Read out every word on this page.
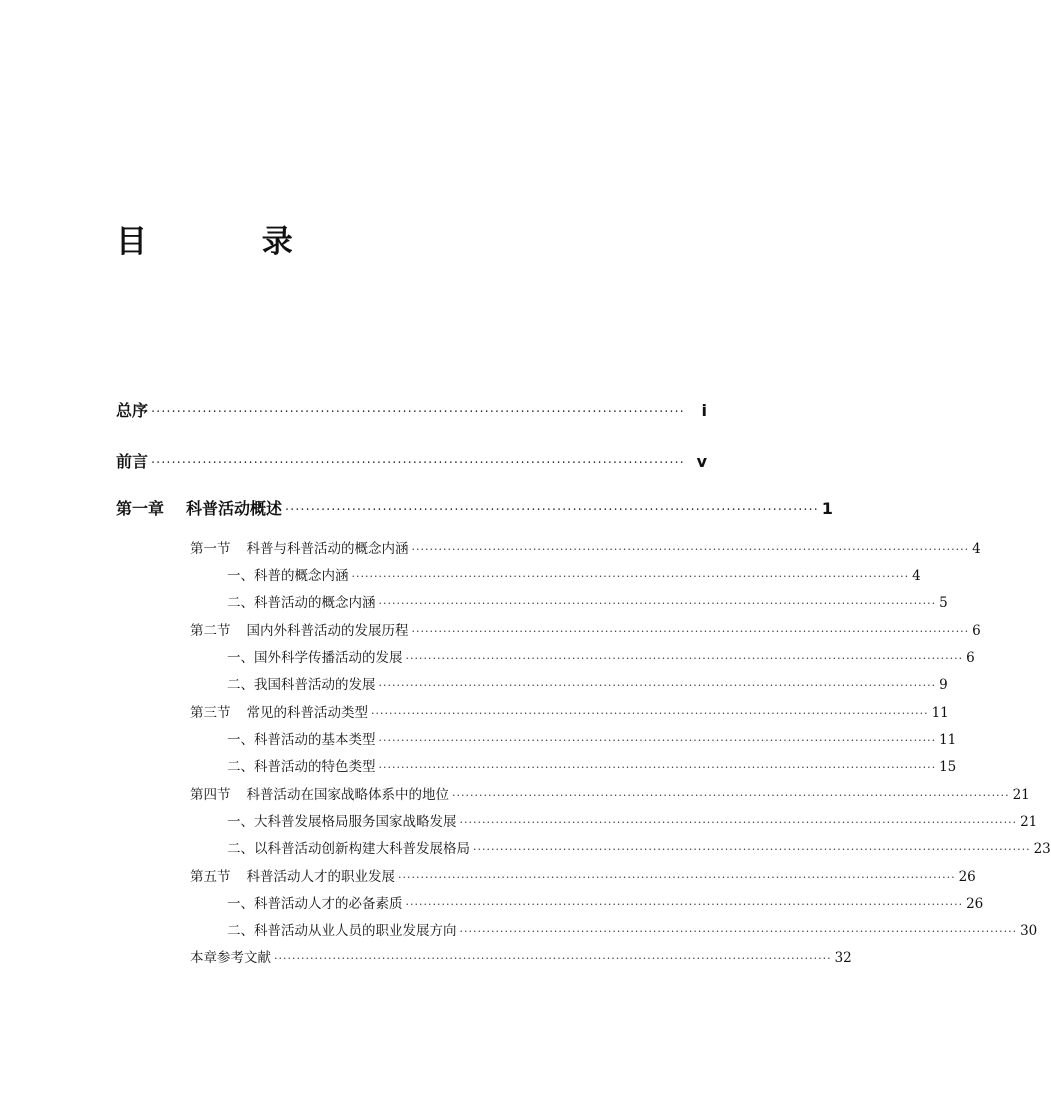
目 录
总序 ········································································································	i
前言 ········································································································ v
第一章	科普活动概述 ········································································································ 1
第一节	科普与科普活动的概念内涵 ···························································································································· 4
一、科普的概念内涵 ···························································································································· 4
二、科普活动的概念内涵 ···························································································································· 5
第二节	国内外科普活动的发展历程 ···························································································································· 6
一、国外科学传播活动的发展 ···························································································································· 6
二、我国科普活动的发展 ···························································································································· 9
第三节	常见的科普活动类型 ···························································································································· 11
一、科普活动的基本类型 ···························································································································· 11
二、科普活动的特色类型 ···························································································································· 15
第四节	科普活动在国家战略体系中的地位 ···························································································································· 21
一、大科普发展格局服务国家战略发展 ···························································································································· 21
二、以科普活动创新构建大科普发展格局 ···························································································································· 23
第五节	科普活动人才的职业发展 ···························································································································· 26
一、科普活动人才的必备素质 ···························································································································· 26
二、科普活动从业人员的职业发展方向 ···························································································································· 30
本章参考文献 ···························································································································· 32
